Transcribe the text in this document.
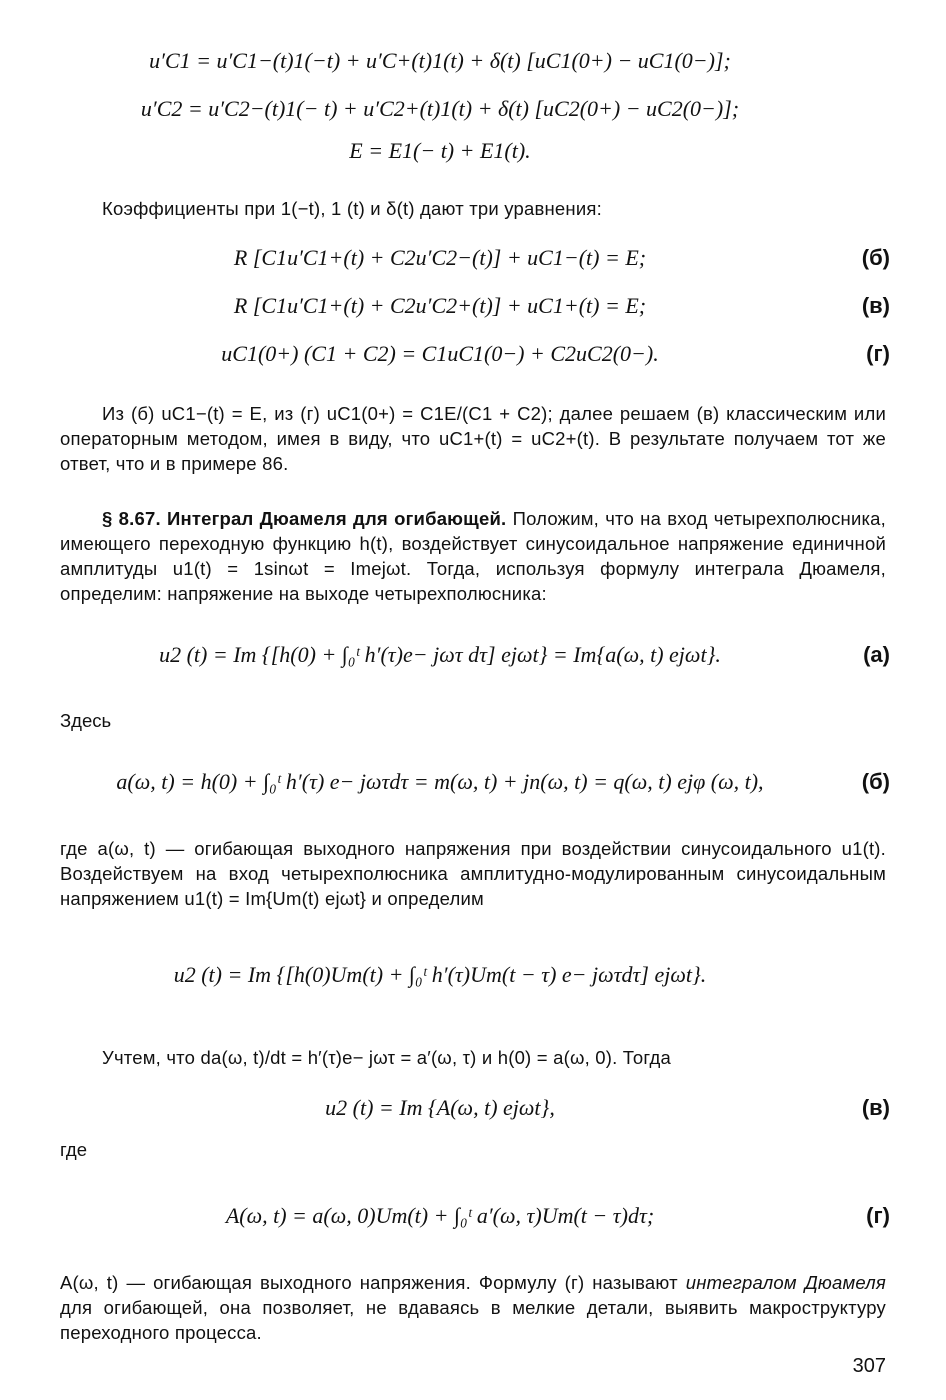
u′C1 = u′C1−(t)1(−t) + u′C+(t)1(t) + δ(t) [uC1(0+) − uC1(0−)];
u′C2 = u′C2−(t)1(− t) + u′C2+(t)1(t) + δ(t) [uC2(0+) − uC2(0−)];
E = E1(− t) + E1(t).
Коэффициенты при 1(−t), 1 (t) и δ(t) дают три уравнения:
R [C1u′C1+(t) + C2u′C2−(t)] + uC1−(t) = E;	(б)
R [C1u′C1+(t) + C2u′C2+(t)] + uC1+(t) = E;	(в)
uC1(0+) (C1 + C2) = C1uC1(0−) + C2uC2(0−).	(г)
Из (б) uC1−(t) = E, из (г) uC1(0+) = C1E/(C1 + C2); далее решаем (в) классическим или операторным методом, имея в виду, что uC1+(t) = uC2+(t). В результате получаем тот же ответ, что и в примере 86.
§ 8.67. Интеграл Дюамеля для огибающей. Положим, что на вход четырехполюсника, имеющего переходную функцию h(t), воздействует синусоидальное напряжение единичной амплитуды u1(t) = 1sinωt = Imejωt. Тогда, используя формулу интеграла Дюамеля, определим: напряжение на выходе четырехполюсника:
u2 (t) = Im {[h(0) + ∫₀ᵗ h′(τ)e− jωτ dτ] ejωt} = Im{a(ω, t) ejωt}.	(а)
Здесь
a(ω, t) = h(0) + ∫₀ᵗ h′(τ) e− jωτdτ = m(ω, t) + jn(ω, t) = q(ω, t) ejφ (ω, t),	(б)
где a(ω, t) — огибающая выходного напряжения при воздействии синусоидального u1(t). Воздействуем на вход четырехполюсника амплитудно-модулированным синусоидальным напряжением u1(t) = Im{Um(t) ejωt} и определим
u2 (t) = Im {[h(0)Um(t) + ∫₀ᵗ h′(τ)Um(t − τ) e− jωτdτ] ejωt}.
Учтем, что da(ω, t)/dt = h′(τ)e− jωτ = a′(ω, τ) и h(0) = a(ω, 0). Тогда
u2 (t) = Im {A(ω, t) ejωt},	(в)
где
A(ω, t) = a(ω, 0)Um(t) + ∫₀ᵗ a′(ω, τ)Um(t − τ)dτ;	(г)
A(ω, t) — огибающая выходного напряжения. Формулу (г) называют интегралом Дюамеля для огибающей, она позволяет, не вдаваясь в мелкие детали, выявить макроструктуру переходного процесса.
307
